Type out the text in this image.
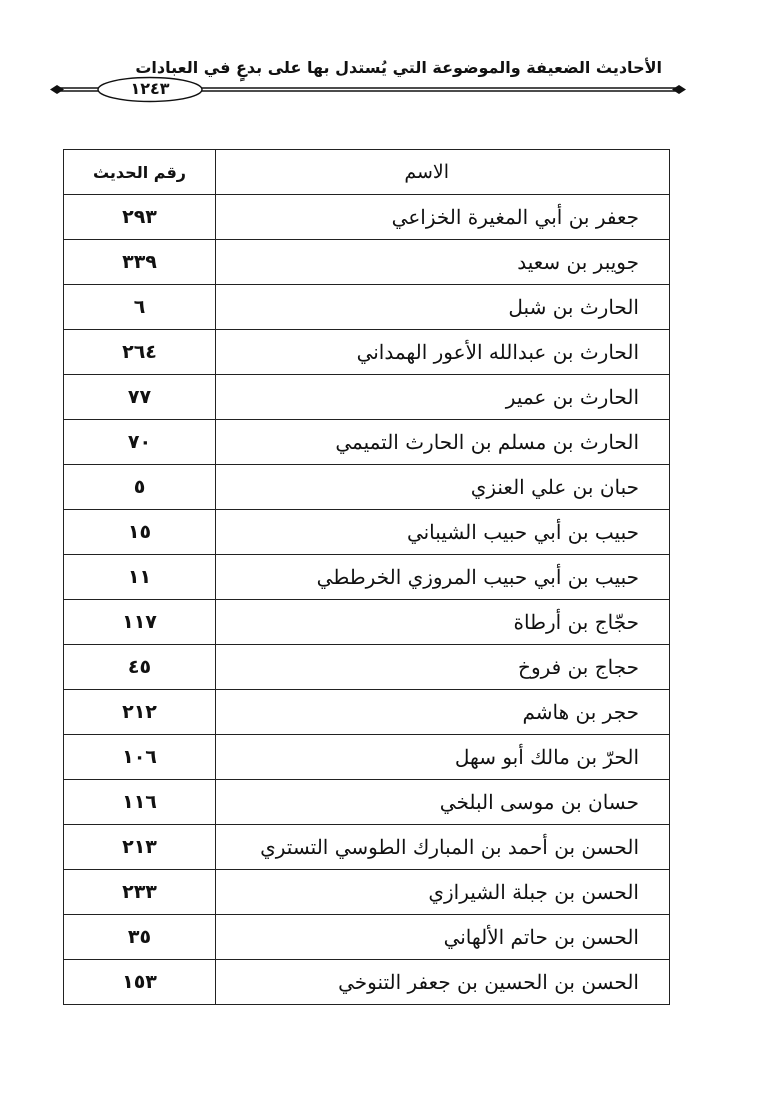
الأحاديث الضعيفة والموضوعة التي يُستدل بها على بدعٍ في العبادات
١٢٤٣
الاسم	رقم الحديث
جعفر بن أبي المغيرة الخزاعي	٢٩٣
جويبر بن سعيد	٣٣٩
الحارث بن شبل	٦
الحارث بن عبدالله الأعور الهمداني	٢٦٤
الحارث بن عمير	٧٧
الحارث بن مسلم بن الحارث التميمي	٧٠
حبان بن علي العنزي	٥
حبيب بن أبي حبيب الشيباني	١٥
حبيب بن أبي حبيب المروزي الخرططي	١١
حجّاج بن أرطاة	١١٧
حجاج بن فروخ	٤٥
حجر بن هاشم	٢١٢
الحرّ بن مالك أبو سهل	١٠٦
حسان بن موسى البلخي	١١٦
الحسن بن أحمد بن المبارك الطوسي التستري	٢١٣
الحسن بن جبلة الشيرازي	٢٣٣
الحسن بن حاتم الألهاني	٣٥
الحسن بن الحسين بن جعفر التنوخي	١٥٣
